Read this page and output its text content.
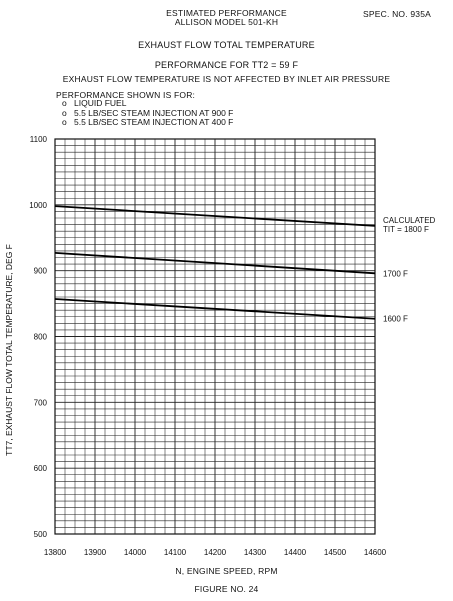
SPEC. NO. 935A
ESTIMATED PERFORMANCE
ALLISON MODEL 501-KH
EXHAUST FLOW TOTAL TEMPERATURE
PERFORMANCE FOR TT2 = 59 F
EXHAUST FLOW TEMPERATURE IS NOT AFFECTED BY INLET AIR PRESSURE
PERFORMANCE SHOWN IS FOR:
o LIQUID FUEL
o 5.5 LB/SEC STEAM INJECTION AT 900 F
o 5.5 LB/SEC STEAM INJECTION AT 400 F
13800 13900 14000 14100 14200 14300 14400 14500 14600
500
600
700
800
900
1000
1100
CALCULATED
TIT = 1800 F
1700 F
1600 F
TT7, EXHAUST FLOW TOTAL TEMPERATURE, DEG F
N, ENGINE SPEED, RPM
FIGURE NO. 24
